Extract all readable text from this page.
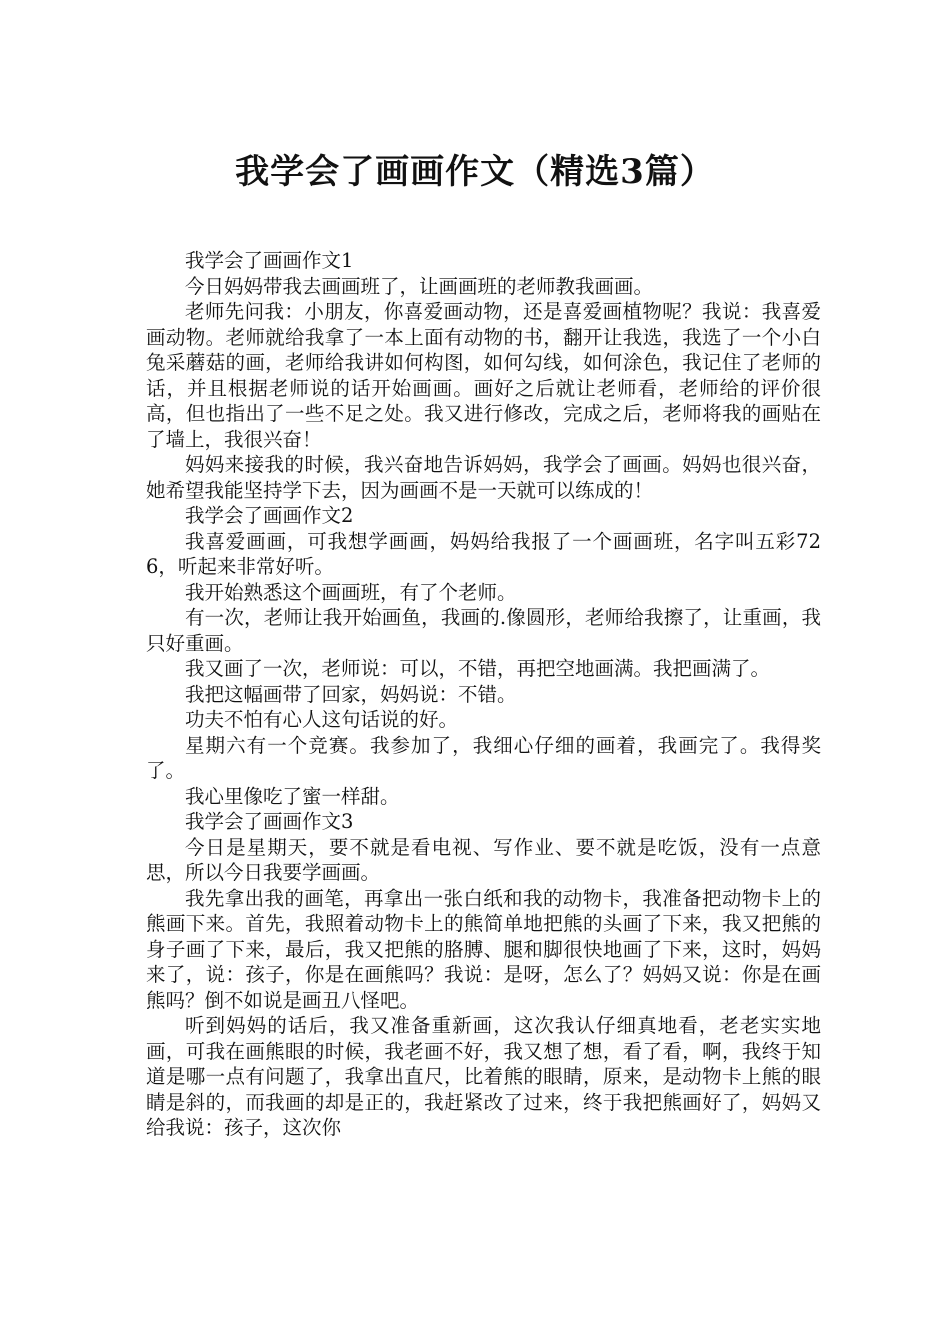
我学会了画画作文（精选3篇）

我学会了画画作文1

今日妈妈带我去画画班了，让画画班的老师教我画画。

老师先问我：小朋友，你喜爱画动物，还是喜爱画植物呢？我说：我喜爱画动物。老师就给我拿了一本上面有动物的书，翻开让我选，我选了一个小白兔采蘑菇的画，老师给我讲如何构图，如何勾线，如何涂色，我记住了老师的话，并且根据老师说的话开始画画。画好之后就让老师看，老师给的评价很高，但也指出了一些不足之处。我又进行修改，完成之后，老师将我的画贴在了墙上，我很兴奋！

妈妈来接我的时候，我兴奋地告诉妈妈，我学会了画画。妈妈也很兴奋，她希望我能坚持学下去，因为画画不是一天就可以练成的！

我学会了画画作文2

我喜爱画画，可我想学画画，妈妈给我报了一个画画班，名字叫五彩726，听起来非常好听。

我开始熟悉这个画画班，有了个老师。

有一次，老师让我开始画鱼，我画的.像圆形，老师给我擦了，让重画，我只好重画。

我又画了一次，老师说：可以，不错，再把空地画满。我把画满了。

我把这幅画带了回家，妈妈说：不错。

功夫不怕有心人这句话说的好。

星期六有一个竞赛。我参加了，我细心仔细的画着，我画完了。我得奖了。

我心里像吃了蜜一样甜。

我学会了画画作文3

今日是星期天，要不就是看电视、写作业、要不就是吃饭，没有一点意思，所以今日我要学画画。

我先拿出我的画笔，再拿出一张白纸和我的动物卡，我准备把动物卡上的熊画下来。首先，我照着动物卡上的熊简单地把熊的头画了下来，我又把熊的身子画了下来，最后，我又把熊的胳膊、腿和脚很快地画了下来，这时，妈妈来了，说：孩子，你是在画熊吗？我说：是呀，怎么了？妈妈又说：你是在画熊吗？倒不如说是画丑八怪吧。

听到妈妈的话后，我又准备重新画，这次我认仔细真地看，老老实实地画，可我在画熊眼的时候，我老画不好，我又想了想，看了看，啊，我终于知道是哪一点有问题了，我拿出直尺，比着熊的眼睛，原来，是动物卡上熊的眼睛是斜的，而我画的却是正的，我赶紧改了过来，终于我把熊画好了，妈妈又给我说：孩子，这次你
